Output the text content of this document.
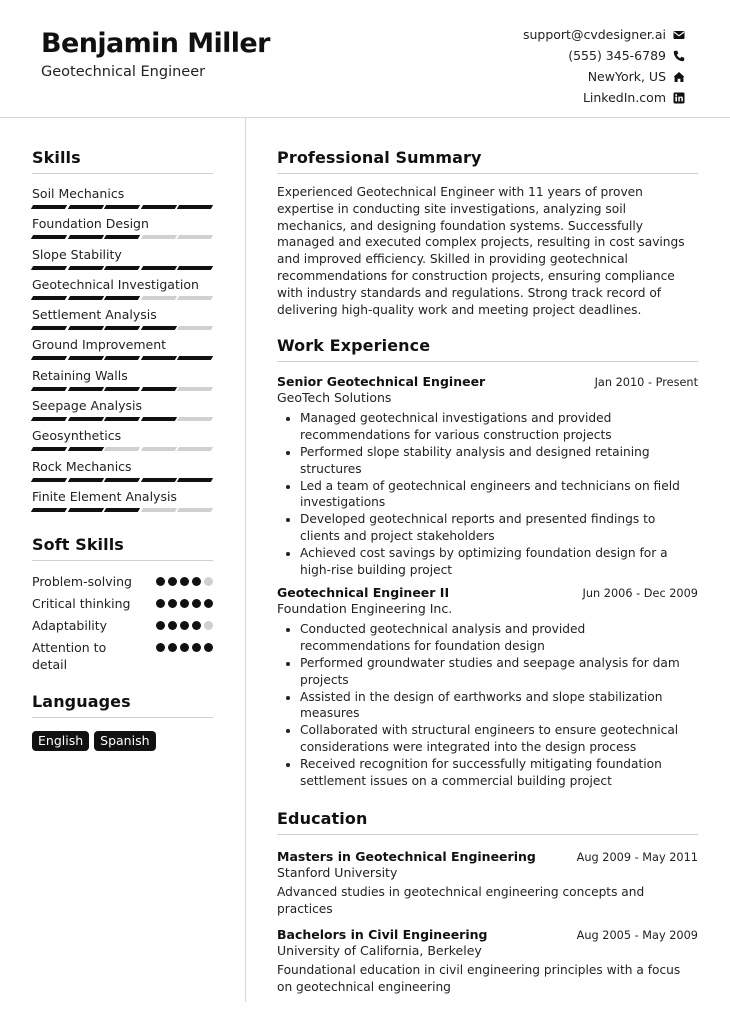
Benjamin Miller
Geotechnical Engineer
support@cvdesigner.ai
(555) 345-6789
NewYork, US
LinkedIn.com
Skills
Soil Mechanics
Foundation Design
Slope Stability
Geotechnical Investigation
Settlement Analysis
Ground Improvement
Retaining Walls
Seepage Analysis
Geosynthetics
Rock Mechanics
Finite Element Analysis
Soft Skills
Problem-solving
Critical thinking
Adaptability
Attention to detail
Languages
English	Spanish
Professional Summary

Experienced Geotechnical Engineer with 11 years of proven expertise in conducting site investigations, analyzing soil mechanics, and designing foundation systems. Successfully managed and executed complex projects, resulting in cost savings and improved efficiency. Skilled in providing geotechnical recommendations for construction projects, ensuring compliance with industry standards and regulations. Strong track record of delivering high-quality work and meeting project deadlines.

Work Experience
Senior Geotechnical Engineer	Jan 2010 - Present
GeoTech Solutions
• Managed geotechnical investigations and provided recommendations for various construction projects
• Performed slope stability analysis and designed retaining structures
• Led a team of geotechnical engineers and technicians on field investigations
• Developed geotechnical reports and presented findings to clients and project stakeholders
• Achieved cost savings by optimizing foundation design for a high-rise building project
Geotechnical Engineer II	Jun 2006 - Dec 2009
Foundation Engineering Inc.
• Conducted geotechnical analysis and provided recommendations for foundation design
• Performed groundwater studies and seepage analysis for dam projects
• Assisted in the design of earthworks and slope stabilization measures
• Collaborated with structural engineers to ensure geotechnical considerations were integrated into the design process
• Received recognition for successfully mitigating foundation settlement issues on a commercial building project
Education
Masters in Geotechnical Engineering	Aug 2009 - May 2011
Stanford University
Advanced studies in geotechnical engineering concepts and practices
Bachelors in Civil Engineering	Aug 2005 - May 2009
University of California, Berkeley
Foundational education in civil engineering principles with a focus on geotechnical engineering
